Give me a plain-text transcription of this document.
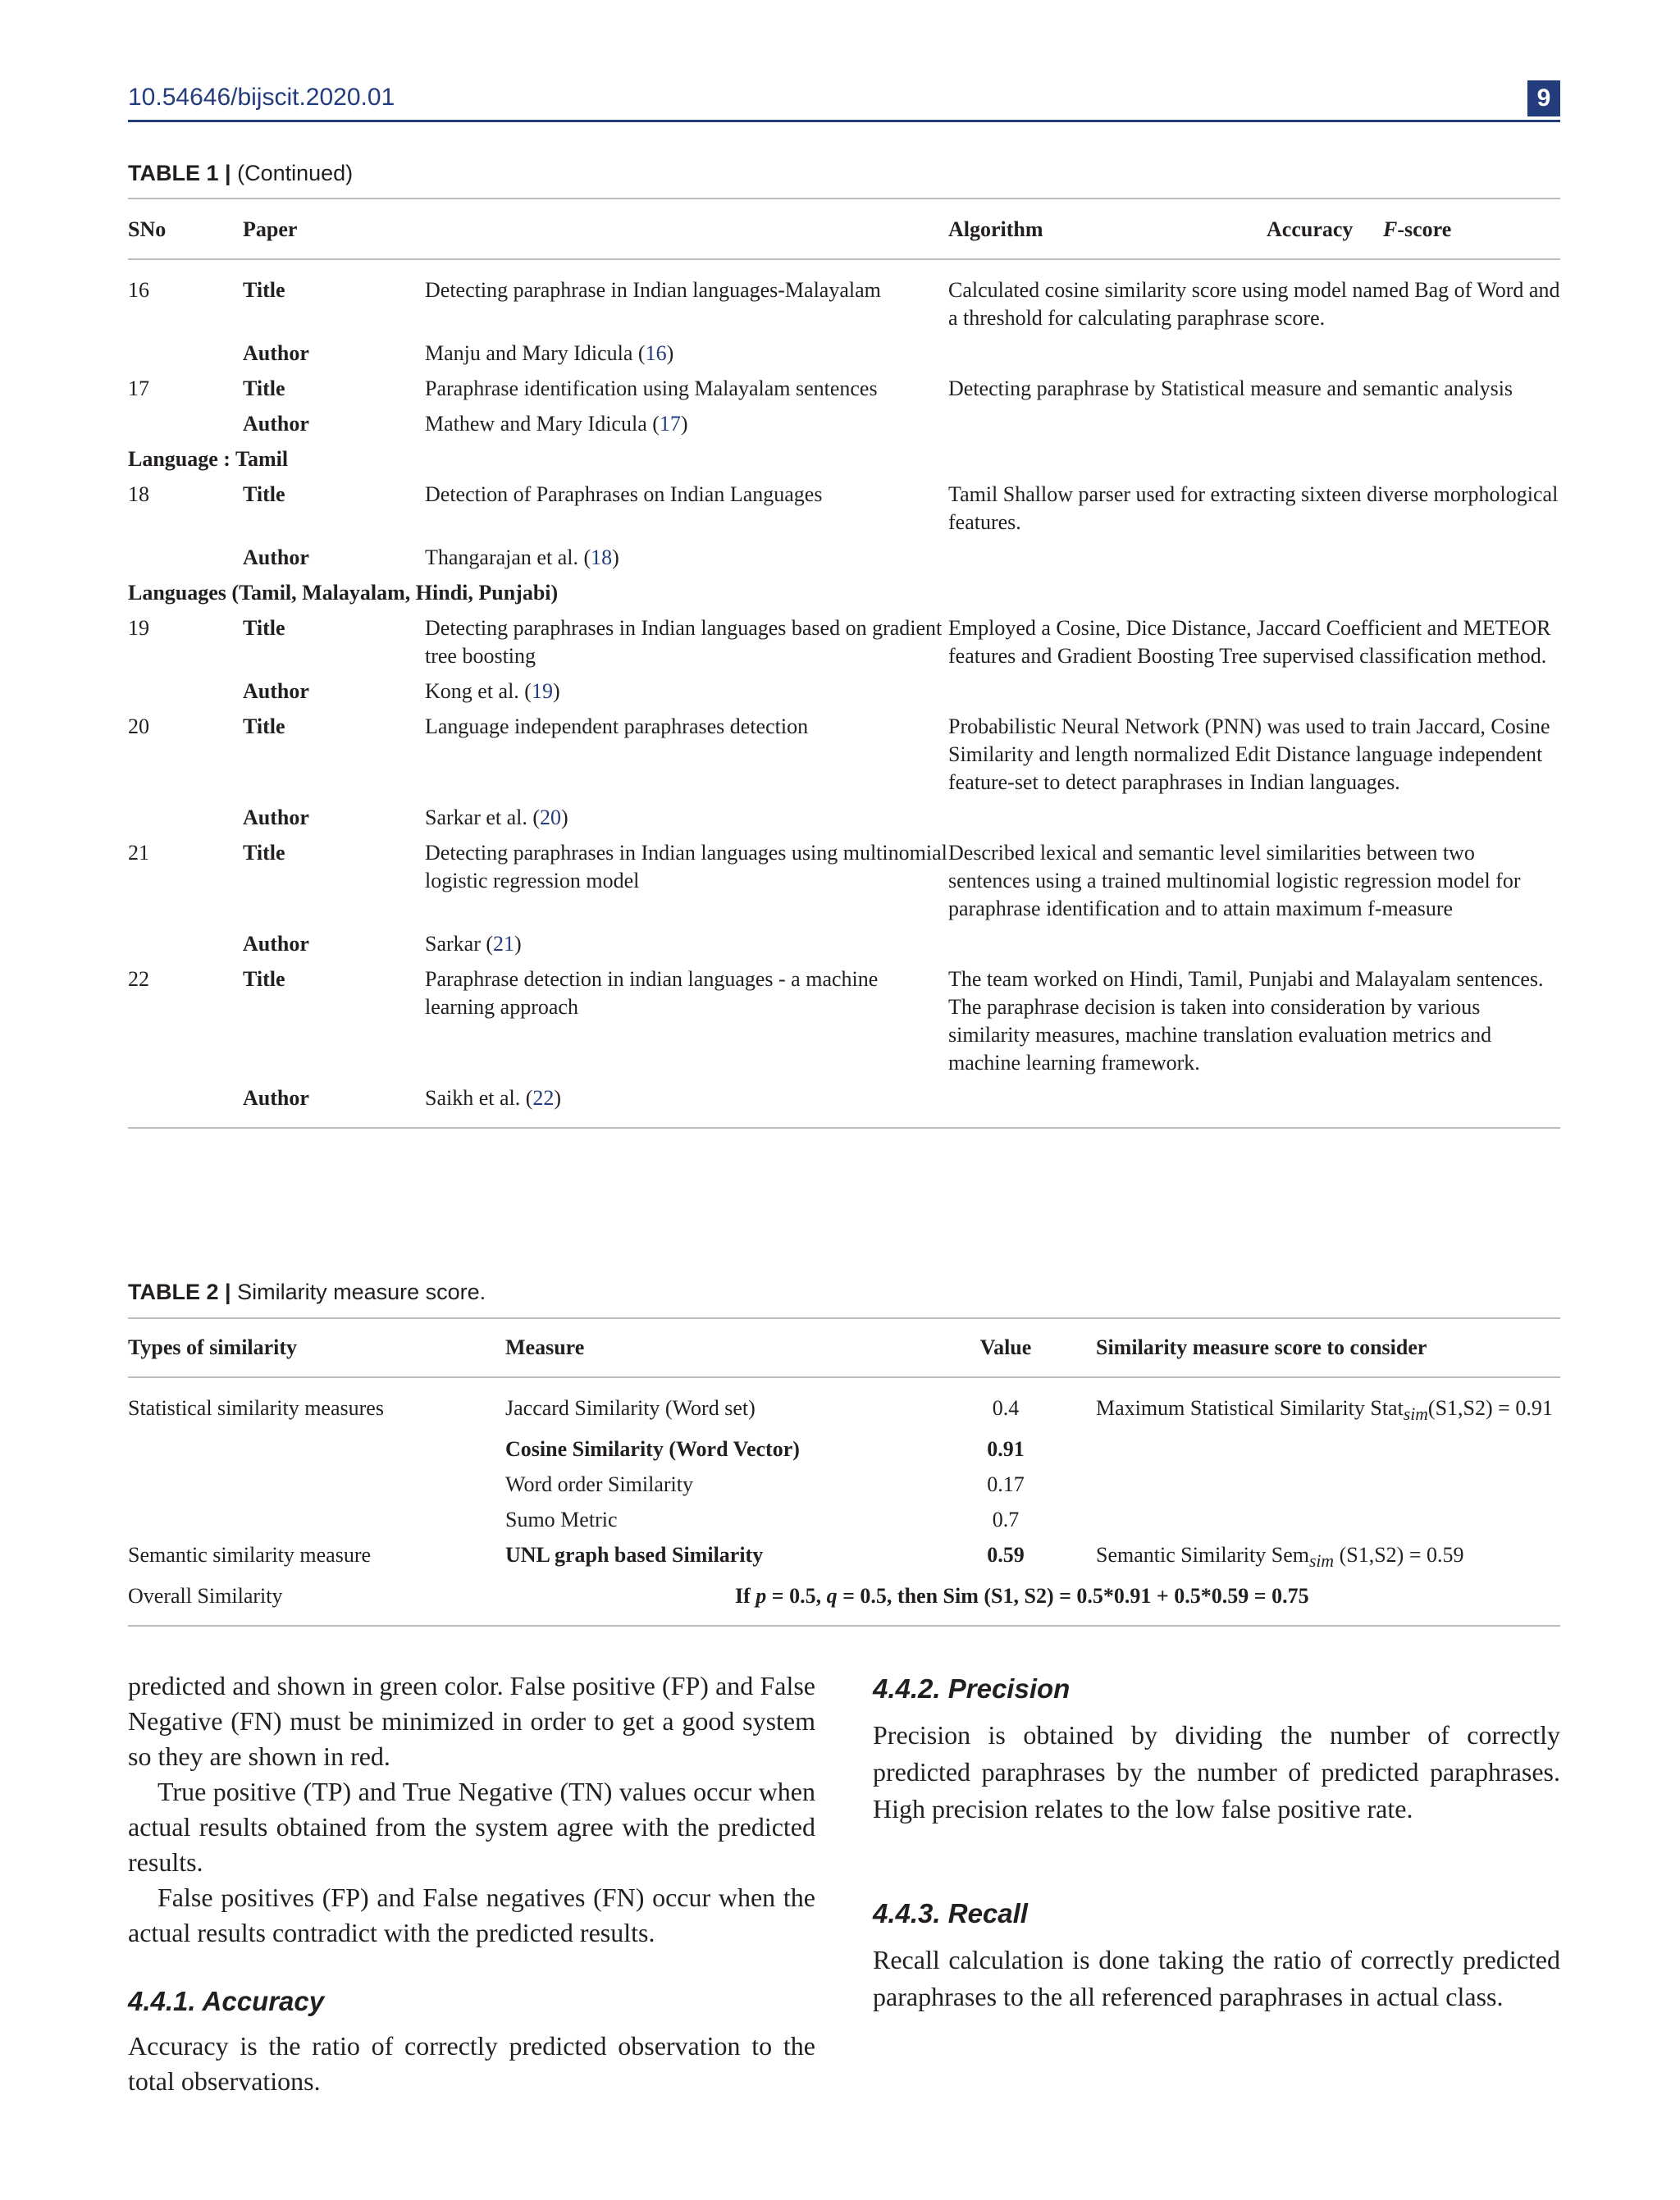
10.54646/bijscit.2020.01	9
TABLE 1 | (Continued)
SNo	Paper		Algorithm Accuracy F-score

16	Title	Detecting paraphrase in Indian languages-Malayalam	Calculated cosine similarity score using model named Bag of Word and a threshold for calculating paraphrase score.
	Author	Manju and Mary Idicula (16)	
17	Title	Paraphrase identification using Malayalam sentences	Detecting paraphrase by Statistical measure and semantic analysis
	Author	Mathew and Mary Idicula (17)	
Language : Tamil			
18	Title	Detection of Paraphrases on Indian Languages	Tamil Shallow parser used for extracting sixteen diverse morphological features.
	Author	Thangarajan et al. (18)	
Languages (Tamil, Malayalam, Hindi, Punjabi)			
19	Title	Detecting paraphrases in Indian languages based on gradient tree boosting	Employed a Cosine, Dice Distance, Jaccard Coefficient and METEOR features and Gradient Boosting Tree supervised classification method.
	Author	Kong et al. (19)	
20	Title	Language independent paraphrases detection	Probabilistic Neural Network (PNN) was used to train Jaccard, Cosine Similarity and length normalized Edit Distance language independent feature-set to detect paraphrases in Indian languages.
	Author	Sarkar et al. (20)	
21	Title	Detecting paraphrases in Indian languages using multinomial logistic regression model	Described lexical and semantic level similarities between two sentences using a trained multinomial logistic regression model for paraphrase identification and to attain maximum f-measure
	Author	Sarkar (21)	
22	Title	Paraphrase detection in indian languages - a machine learning approach	The team worked on Hindi, Tamil, Punjabi and Malayalam sentences. The paraphrase decision is taken into consideration by various similarity measures, machine translation evaluation metrics and machine learning framework.
	Author	Saikh et al. (22)	
TABLE 2 | Similarity measure score.
Types of similarity	Measure	Value	Similarity measure score to consider
Statistical similarity measures	Jaccard Similarity (Word set)	0.4	Maximum Statistical Similarity Stat$_{sim}$(S1,S2) = 0.91
	Cosine Similarity (Word Vector)	0.91	
	Word order Similarity	0.17	
	Sumo Metric	0.7	
Semantic similarity measure	UNL graph based Similarity	0.59	Semantic Similarity Sem$_{sim}$ (S1,S2) = 0.59
Overall Similarity	If p = 0.5, q = 0.5, then Sim (S1, S2) = 0.5*0.91 + 0.5*0.59 = 0.75		

predicted and shown in green color. False positive (FP) and False Negative (FN) must be minimized in order to get a good system so they are shown in red.

True positive (TP) and True Negative (TN) values occur when actual results obtained from the system agree with the predicted results.

False positives (FP) and False negatives (FN) occur when the actual results contradict with the predicted results.

4.4.1. Accuracy

Accuracy is the ratio of correctly predicted observation to the total observations.

4.4.2. Precision

Precision is obtained by dividing the number of correctly predicted paraphrases by the number of predicted paraphrases. High precision relates to the low false positive rate.

4.4.3. Recall

Recall calculation is done taking the ratio of correctly predicted paraphrases to the all referenced paraphrases in actual class.
